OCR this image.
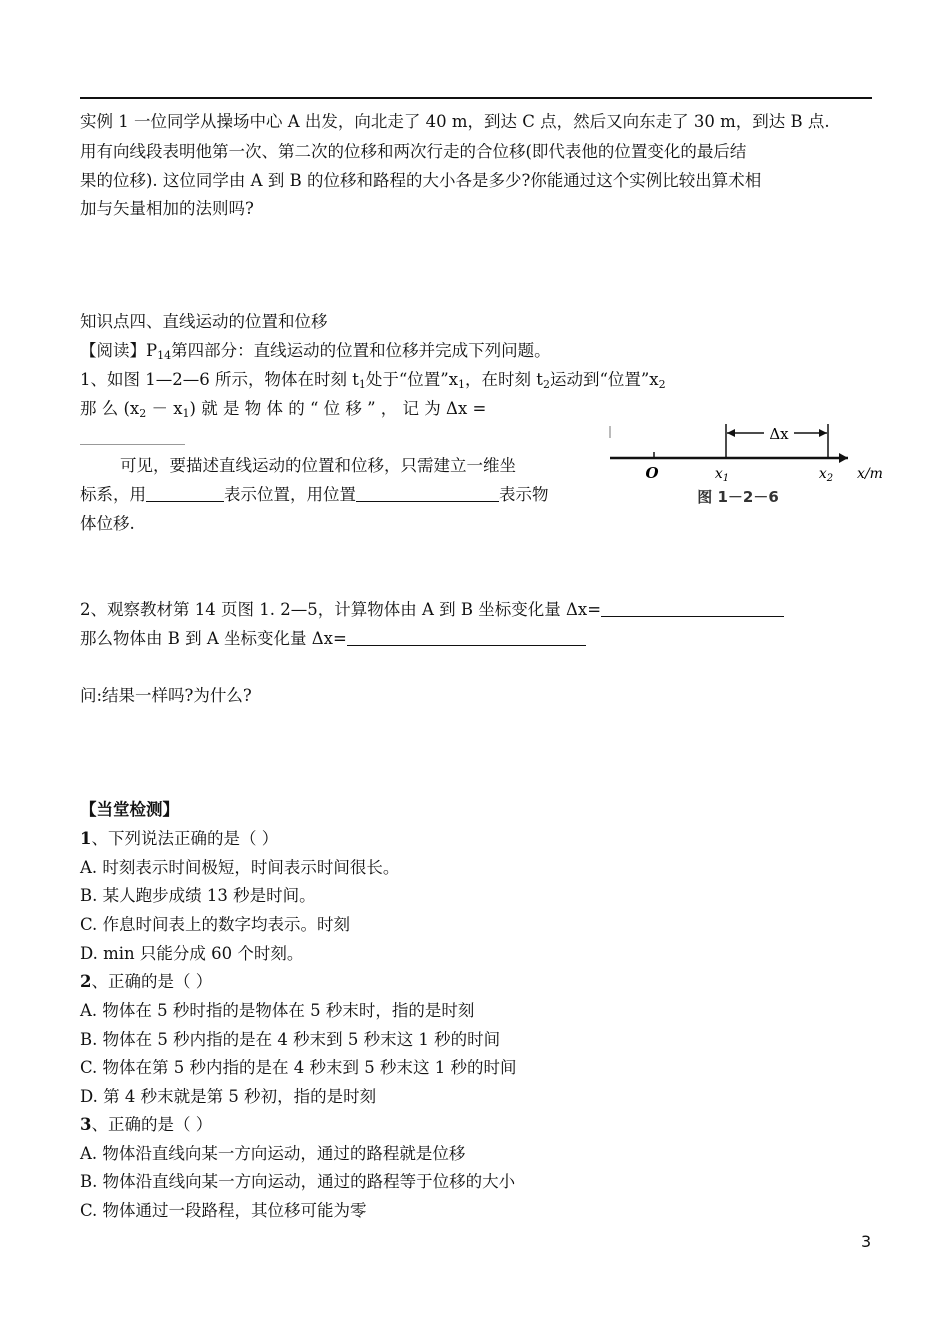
实例 1 一位同学从操场中心 A 出发，向北走了 40 m，到达 C 点，然后又向东走了 30 m，到达 B 点.
用有向线段表明他第一次、第二次的位移和两次行走的合位移(即代表他的位置变化的最后结
果的位移). 这位同学由 A 到 B 的位移和路程的大小各是多少?你能通过这个实例比较出算术相
加与矢量相加的法则吗?
知识点四、直线运动的位置和位移
【阅读】$P_{14}$第四部分：直线运动的位置和位移并完成下列问题。
1、如图 1—2—6 所示，物体在时刻 $t_1$处于“位置$”x_1$，在时刻 $t_2$运动到“位置$”x_2$
那 么 $(x_2 - x_1)$ 就 是 物 体 的 “ 位 移 ” ， 记 为 Δx =
可见，要描述直线运动的位置和位移，只需建立一维坐
标系，用	表示位置，用位置	表示物
体位移.
Δx
O	$x_1$	$x_2$ x/m
图 1－2－6
2、观察教材第 14 页图 1. 2—5，计算物体由 A 到 B 坐标变化量 Δx=
那么物体由 B 到 A 坐标变化量 Δx=
问:结果一样吗?为什么?
【当堂检测】
1、下列说法正确的是（ ）
A. 时刻表示时间极短，时间表示时间很长。
B. 某人跑步成绩 13 秒是时间。
C. 作息时间表上的数字均表示。时刻
D. min 只能分成 60 个时刻。
2、正确的是（ ）
A. 物体在 5 秒时指的是物体在 5 秒末时，指的是时刻
B. 物体在 5 秒内指的是在 4 秒末到 5 秒末这 1 秒的时间
C. 物体在第 5 秒内指的是在 4 秒末到 5 秒末这 1 秒的时间
D. 第 4 秒末就是第 5 秒初，指的是时刻
3、正确的是（ ）
A. 物体沿直线向某一方向运动，通过的路程就是位移
B. 物体沿直线向某一方向运动，通过的路程等于位移的大小
C. 物体通过一段路程，其位移可能为零
3
